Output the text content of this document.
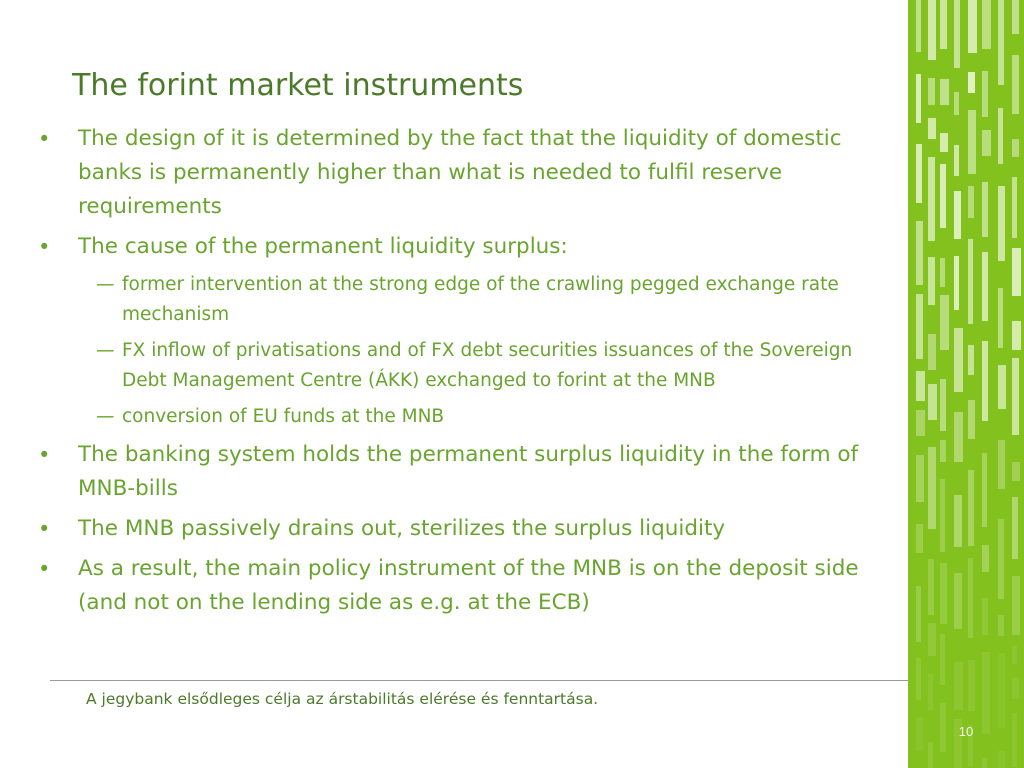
The forint market instruments
• The design of it is determined by the fact that the liquidity of domestic banks is permanently higher than what is needed to fulfil reserve requirements
• The cause of the permanent liquidity surplus:
— former intervention at the strong edge of the crawling pegged exchange rate mechanism
— FX inflow of privatisations and of FX debt securities issuances of the Sovereign Debt Management Centre (ÁKK) exchanged to forint at the MNB
— conversion of EU funds at the MNB
• The banking system holds the permanent surplus liquidity in the form of MNB-bills
• The MNB passively drains out, sterilizes the surplus liquidity
• As a result, the main policy instrument of the MNB is on the deposit side (and not on the lending side as e.g. at the ECB)
A jegybank elsődleges célja az árstabilitás elérése és fenntartása.
10
